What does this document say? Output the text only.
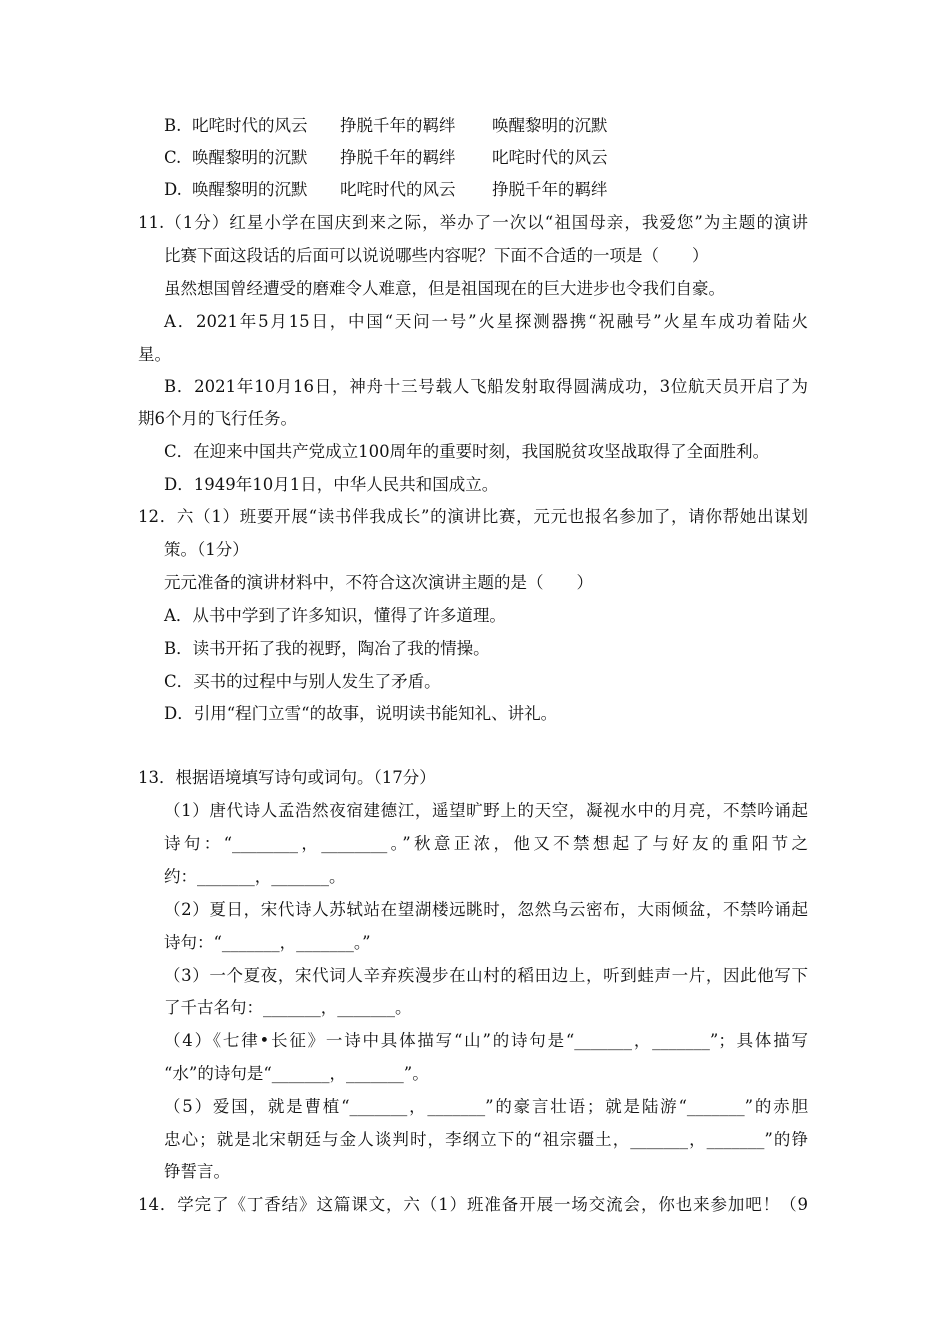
B. 叱咤时代的风云 挣脱千年的羁绊 唤醒黎明的沉默
C. 唤醒黎明的沉默 挣脱千年的羁绊 叱咤时代的风云
D. 唤醒黎明的沉默 叱咤时代的风云 挣脱千年的羁绊
11.（1分）红星小学在国庆到来之际，举办了一次以“祖国母亲，我爱您”为主题的演讲
比赛下面这段话的后面可以说说哪些内容呢？下面不合适的一项是（　　）
虽然想国曾经遭受的磨难令人难意，但是祖国现在的巨大进步也令我们自豪。
A．2021年5月15日，中国“天问一号”火星探测器携“祝融号”火星车成功着陆火
星。
B．2021年10月16日，神舟十三号载人飞船发射取得圆满成功，3位航天员开启了为
期6个月的飞行任务。
C．在迎来中国共产党成立100周年的重要时刻，我国脱贫攻坚战取得了全面胜利。
D．1949年10月1日，中华人民共和国成立。
12．六（1）班要开展“读书伴我成长”的演讲比赛，元元也报名参加了，请你帮她出谋划
策。（1分）
元元准备的演讲材料中，不符合这次演讲主题的是（　　）
A．从书中学到了许多知识，懂得了许多道理。
B．读书开拓了我的视野，陶冶了我的情操。
C．买书的过程中与别人发生了矛盾。
D．引用“程门立雪“的故事，说明读书能知礼、讲礼。
13．根据语境填写诗句或词句。（17分）
（1）唐代诗人孟浩然夜宿建德江，遥望旷野上的天空，凝视水中的月亮，不禁吟诵起
诗句：“________，________。”秋意正浓，他又不禁想起了与好友的重阳节之
约：_______，_______。
（2）夏日，宋代诗人苏轼站在望湖楼远眺时，忽然乌云密布，大雨倾盆，不禁吟诵起
诗句：“_______，_______。”
（3）一个夏夜，宋代词人辛弃疾漫步在山村的稻田边上，听到蛙声一片，因此他写下
了千古名句：_______，_______。
（4）《七律•长征》一诗中具体描写“山”的诗句是“_______，_______”；具体描写
“水”的诗句是“_______，_______”。
（5）爱国，就是曹植“_______，_______”的豪言壮语；就是陆游“_______”的赤胆
忠心；就是北宋朝廷与金人谈判时，李纲立下的“祖宗疆土，_______，_______”的铮
铮誓言。
14．学完了《丁香结》这篇课文，六（1）班准备开展一场交流会，你也来参加吧！（9
